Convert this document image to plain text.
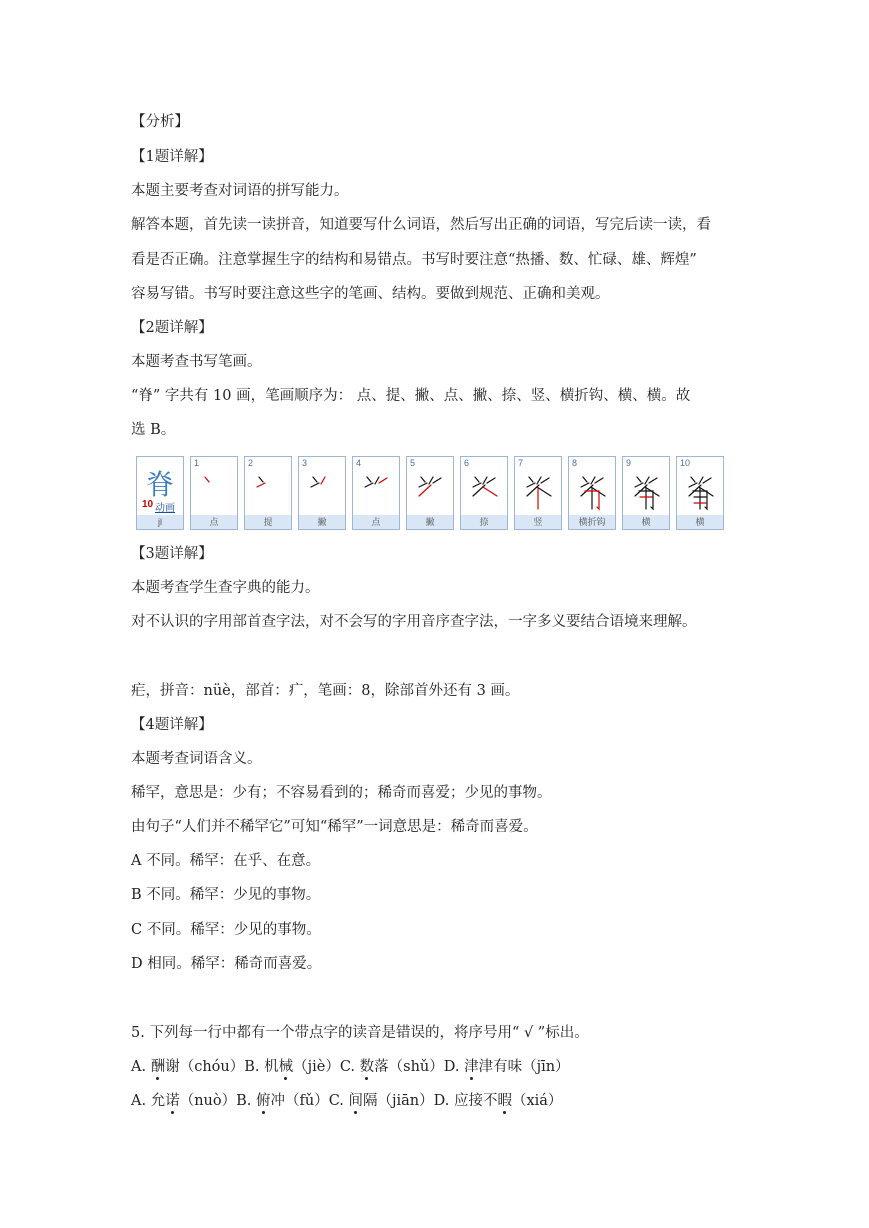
【分析】
【1题详解】
本题主要考查对词语的拼写能力。
解答本题，首先读一读拼音，知道要写什么词语，然后写出正确的词语，写完后读一读，看
看是否正确。注意掌握生字的结构和易错点。书写时要注意“热播、数、忙碌、雄、辉煌”
容易写错。书写时要注意这些字的笔画、结构。要做到规范、正确和美观。
【2题详解】
本题考查书写笔画。
“脊” 字共有 10 画，笔画顺序为： 点、提、撇、点、撇、捺、竖、横折钩、横、横。故
选 B。
脊
10 动画
jǐ
1
点
2
提
3
撇
4
点
5
撇
6
捺
7
竖
8
横折钩
9
横
10
横
【3题详解】
本题考查学生查字典的能力。
对不认识的字用部首查字法，对不会写的字用音序查字法，一字多义要结合语境来理解。
疟，拼音：nüè，部首：疒，笔画：8，除部首外还有 3 画。
【4题详解】
本题考查词语含义。
稀罕，意思是：少有；不容易看到的；稀奇而喜爱；少见的事物。
由句子“人们并不稀罕它”可知“稀罕”一词意思是：稀奇而喜爱。
A 不同。稀罕：在乎、在意。
B 不同。稀罕：少见的事物。
C 不同。稀罕：少见的事物。
D 相同。稀罕：稀奇而喜爱。
5. 下列每一行中都有一个带点字的读音是错误的，将序号用“ √ ”标出。
A. 酬谢（chóu）B. 机械（jiè）C. 数落（shǔ）D. 津津有味（jīn）
A. 允诺（nuò）B. 俯冲（fǔ）C. 间隔（jiān）D. 应接不暇（xiá）
